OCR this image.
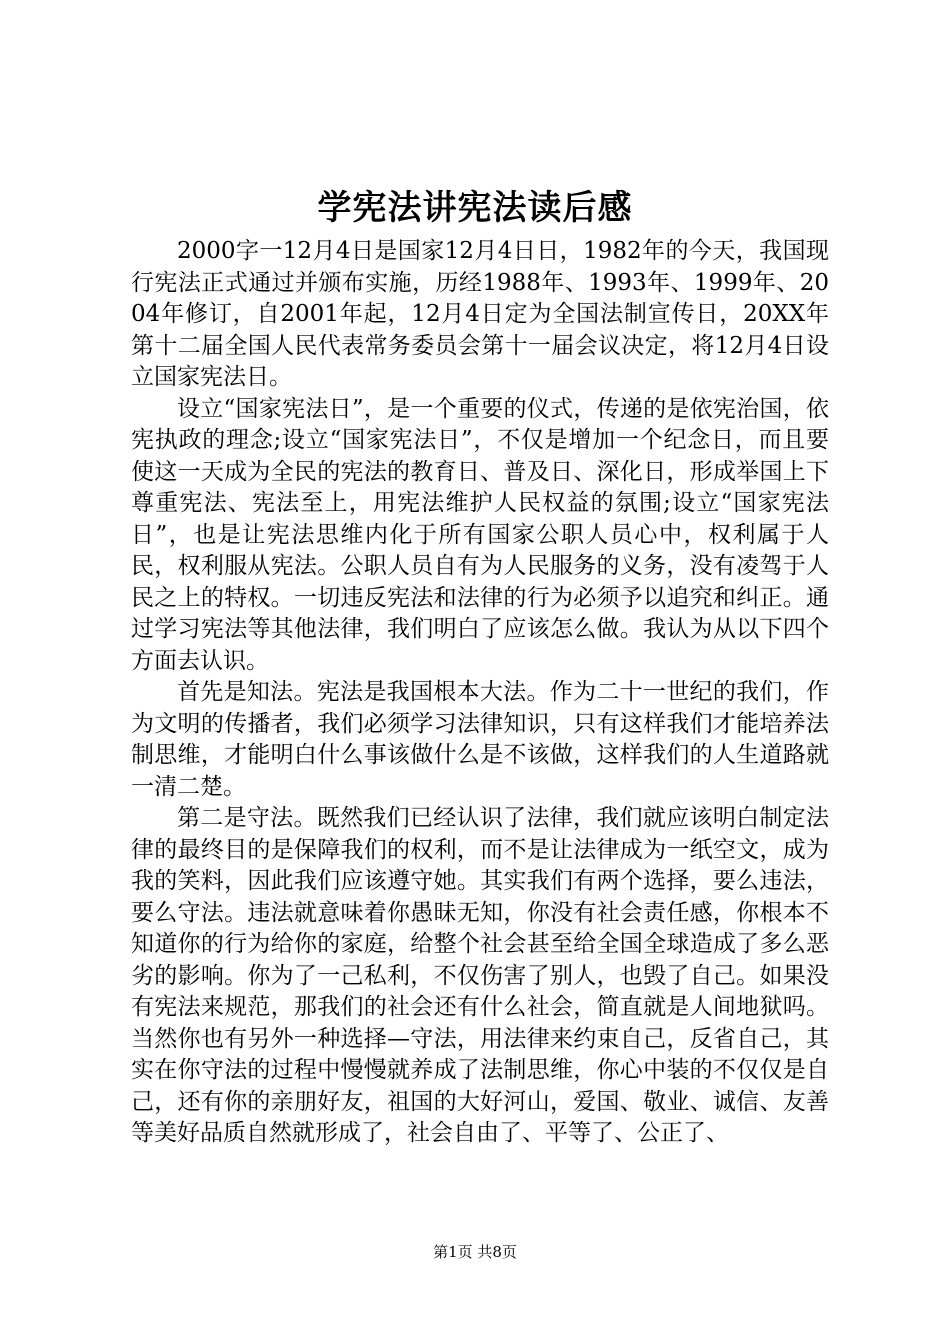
学宪法讲宪法读后感

2000字一12月4日是国家12月4日日，1982年的今天，我国现行宪法正式通过并颁布实施，历经1988年、1993年、1999年、2004年修订，自2001年起，12月4日定为全国法制宣传日，20XX年第十二届全国人民代表常务委员会第十一届会议决定，将12月4日设立国家宪法日。

设立“国家宪法日”，是一个重要的仪式，传递的是依宪治国，依宪执政的理念;设立“国家宪法日”，不仅是增加一个纪念日，而且要使这一天成为全民的宪法的教育日、普及日、深化日，形成举国上下尊重宪法、宪法至上，用宪法维护人民权益的氛围;设立“国家宪法日”，也是让宪法思维内化于所有国家公职人员心中，权利属于人民，权利服从宪法。公职人员自有为人民服务的义务，没有凌驾于人民之上的特权。一切违反宪法和法律的行为必须予以追究和纠正。通过学习宪法等其他法律，我们明白了应该怎么做。我认为从以下四个方面去认识。

首先是知法。宪法是我国根本大法。作为二十一世纪的我们，作为文明的传播者，我们必须学习法律知识，只有这样我们才能培养法制思维，才能明白什么事该做什么是不该做，这样我们的人生道路就一清二楚。

第二是守法。既然我们已经认识了法律，我们就应该明白制定法律的最终目的是保障我们的权利，而不是让法律成为一纸空文，成为我的笑料，因此我们应该遵守她。其实我们有两个选择，要么违法，要么守法。违法就意味着你愚昧无知，你没有社会责任感，你根本不知道你的行为给你的家庭，给整个社会甚至给全国全球造成了多么恶劣的影响。你为了一己私利，不仅伤害了别人，也毁了自己。如果没有宪法来规范，那我们的社会还有什么社会，简直就是人间地狱吗。当然你也有另外一种选择—守法，用法律来约束自己，反省自己，其实在你守法的过程中慢慢就养成了法制思维，你心中装的不仅仅是自己，还有你的亲朋好友，祖国的大好河山，爱国、敬业、诚信、友善等美好品质自然就形成了，社会自由了、平等了、公正了、

第1页 共8页
